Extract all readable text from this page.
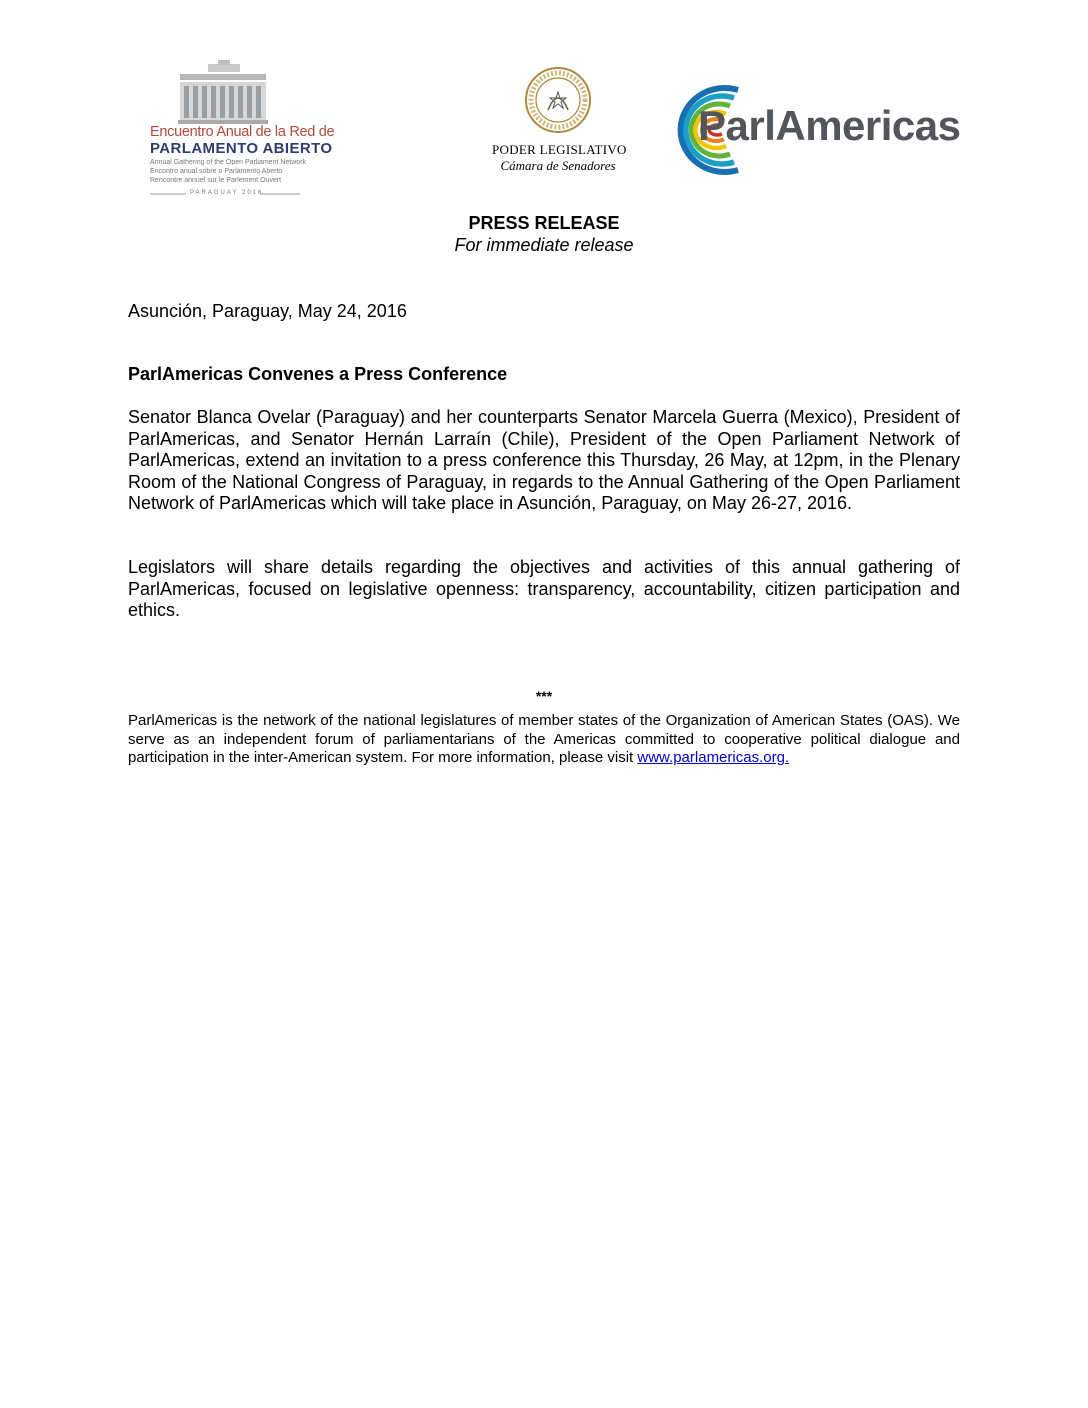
Encuentro Anual de la Red de
PARLAMENTO ABIERTO
Annual Gathering of the Open Parliament Network
Encontro anual sobre o Parlamento Aberto
Rencontre annuel sur le Parlement Ouvert
PARAGUAY 2016
PODER LEGISLATIVO
Cámara de Senadores
ParlAmericas
PRESS RELEASE
For immediate release
Asunción, Paraguay, May 24, 2016
ParlAmericas Convenes a Press Conference
Senator Blanca Ovelar (Paraguay) and her counterparts Senator Marcela Guerra (Mexico), President of ParlAmericas, and Senator Hernán Larraín (Chile), President of the Open Parliament Network of ParlAmericas, extend an invitation to a press conference this Thursday, 26 May, at 12pm, in the Plenary Room of the National Congress of Paraguay, in regards to the Annual Gathering of the Open Parliament Network of ParlAmericas which will take place in Asunción, Paraguay, on May 26-27, 2016.
Legislators will share details regarding the objectives and activities of this annual gathering of ParlAmericas, focused on legislative openness: transparency, accountability, citizen participation and ethics.
***
ParlAmericas is the network of the national legislatures of member states of the Organization of American States (OAS). We serve as an independent forum of parliamentarians of the Americas committed to cooperative political dialogue and participation in the inter-American system. For more information, please visit www.parlamericas.org.
